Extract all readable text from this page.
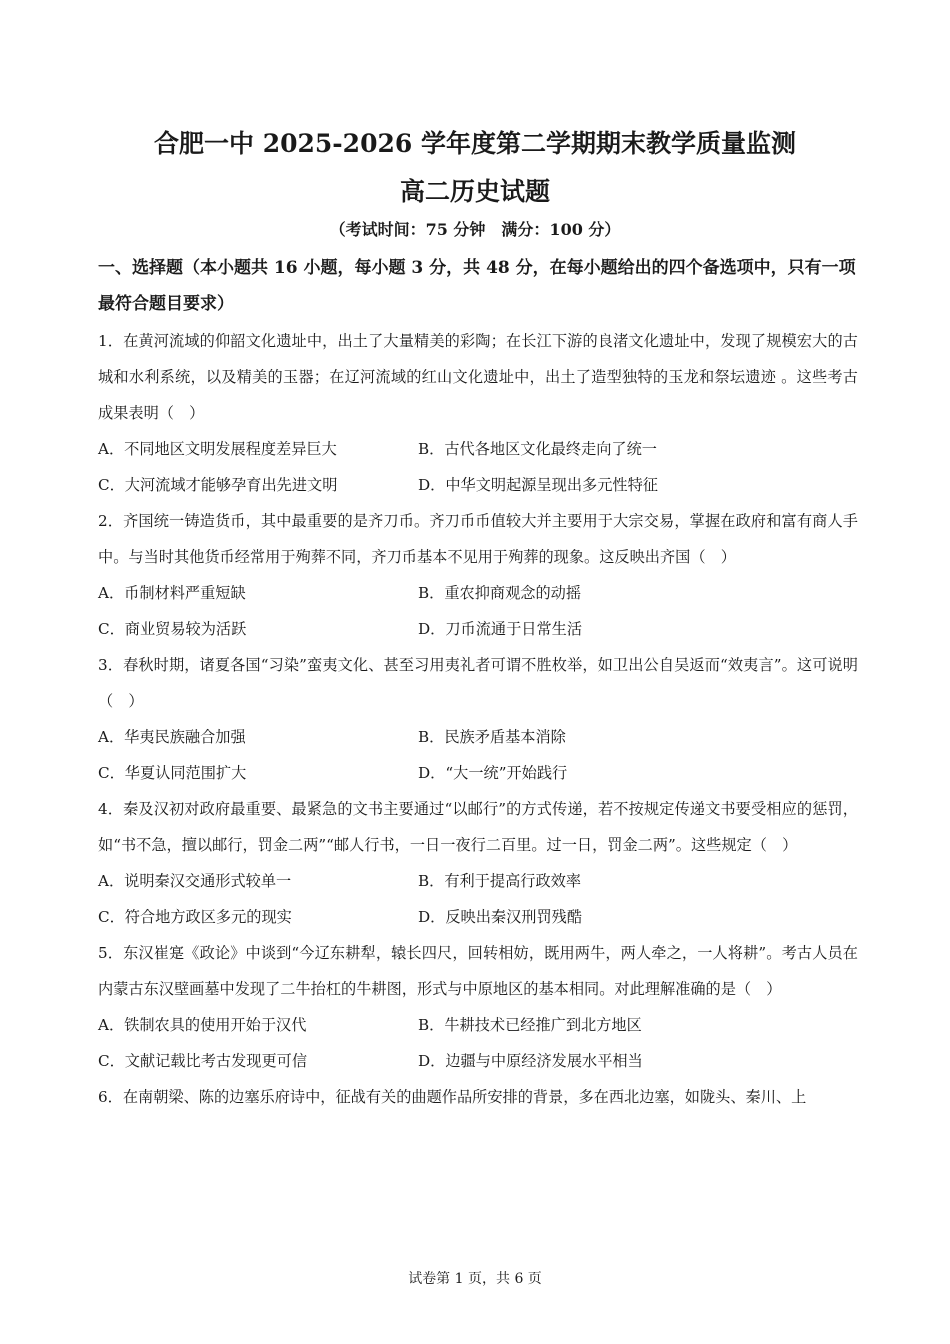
合肥一中 2025-2026 学年度第二学期期末教学质量监测
高二历史试题
（考试时间：75 分钟　满分：100 分）
一、选择题（本小题共 16 小题，每小题 3 分，共 48 分，在每小题给出的四个备选项中，只有一项最符合题目要求）
1．在黄河流域的仰韶文化遗址中，出土了大量精美的彩陶；在长江下游的良渚文化遗址中，发现了规模宏大的古城和水利系统，以及精美的玉器；在辽河流域的红山文化遗址中，出土了造型独特的玉龙和祭坛遗迹 。这些考古成果表明（　）
A．不同地区文明发展程度差异巨大	B．古代各地区文化最终走向了统一
C．大河流域才能够孕育出先进文明	D．中华文明起源呈现出多元性特征
2．齐国统一铸造货币，其中最重要的是齐刀币。齐刀币币值较大并主要用于大宗交易，掌握在政府和富有商人手中。与当时其他货币经常用于殉葬不同，齐刀币基本不见用于殉葬的现象。这反映出齐国（　）
A．币制材料严重短缺	B．重农抑商观念的动摇
C．商业贸易较为活跃	D．刀币流通于日常生活
3．春秋时期，诸夏各国“习染”蛮夷文化、甚至习用夷礼者可谓不胜枚举，如卫出公自吴返而“效夷言”。这可说明（　）
A．华夷民族融合加强	B．民族矛盾基本消除
C．华夏认同范围扩大	D．“大一统”开始践行
4．秦及汉初对政府最重要、最紧急的文书主要通过“以邮行”的方式传递，若不按规定传递文书要受相应的惩罚，如“书不急，擅以邮行，罚金二两”“邮人行书，一日一夜行二百里。过一日，罚金二两”。这些规定（　）
A．说明秦汉交通形式较单一	B．有利于提高行政效率
C．符合地方政区多元的现实	D．反映出秦汉刑罚残酷
5．东汉崔寔《政论》中谈到“今辽东耕犁，辕长四尺，回转相妨，既用两牛，两人牵之，一人将耕”。考古人员在内蒙古东汉壁画墓中发现了二牛抬杠的牛耕图，形式与中原地区的基本相同。对此理解准确的是（　）
A．铁制农具的使用开始于汉代	B．牛耕技术已经推广到北方地区
C．文献记载比考古发现更可信	D．边疆与中原经济发展水平相当
6．在南朝梁、陈的边塞乐府诗中，征战有关的曲题作品所安排的背景，多在西北边塞，如陇头、秦川、上
试卷第 1 页，共 6 页
